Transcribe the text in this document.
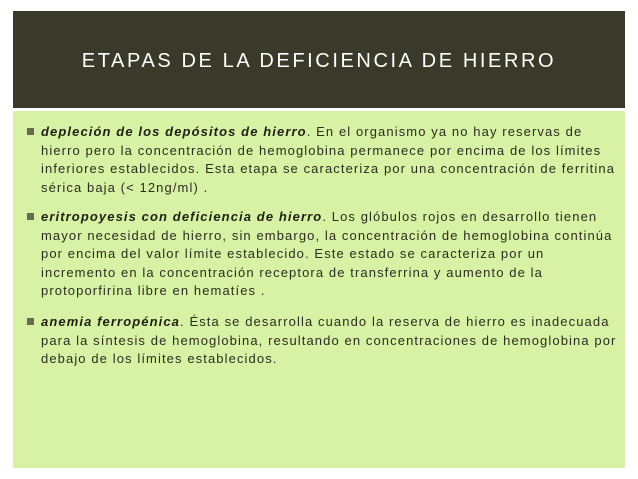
ETAPAS DE LA DEFICIENCIA DE HIERRO
depleción de los depósitos de hierro. En el organismo ya no hay reservas de hierro pero la concentración de hemoglobina permanece por encima de los límites inferiores establecidos. Esta etapa se caracteriza por una concentración de ferritina sérica baja (< 12ng/ml) .
eritropoyesis con deficiencia de hierro. Los glóbulos rojos en desarrollo tienen mayor necesidad de hierro, sin embargo, la concentración de hemoglobina continúa por encima del valor límite establecido. Este estado se caracteriza por un incremento en la concentración receptora de transferrina y aumento de la protoporfirina libre en hematíes .
anemia ferropénica. Ésta se desarrolla cuando la reserva de hierro es inadecuada para la síntesis de hemoglobina, resultando en concentraciones de hemoglobina por debajo de los límites establecidos.
